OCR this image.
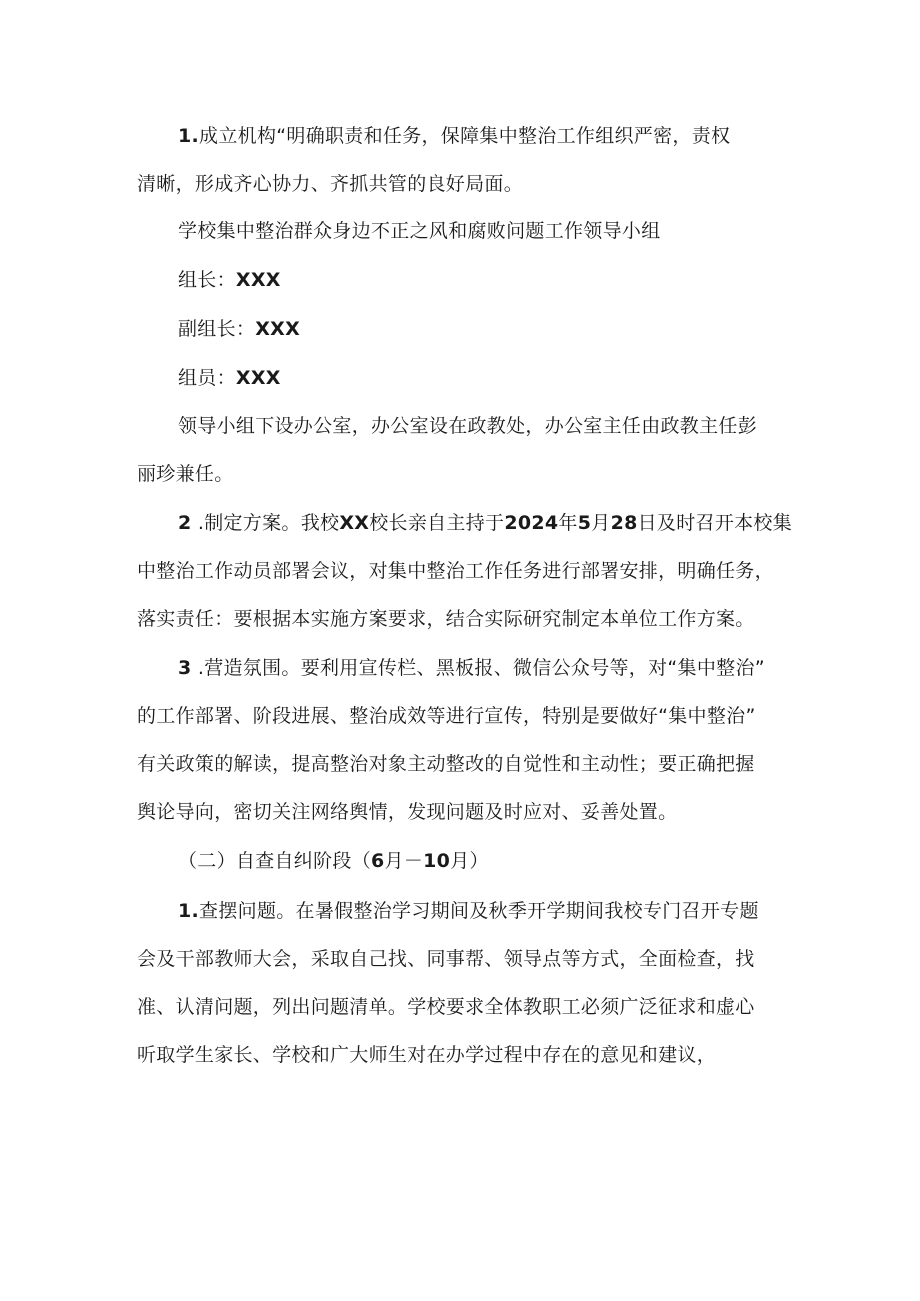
1.成立机构“明确职责和任务，保障集中整治工作组织严密，责权
清晰，形成齐心协力、齐抓共管的良好局面。
学校集中整治群众身边不正之风和腐败问题工作领导小组
组长：XXX
副组长：XXX
组员：XXX
领导小组下设办公室，办公室设在政教处，办公室主任由政教主任彭
丽珍兼任。
2 .制定方案。我校XX校长亲自主持于2024年5月28日及时召开本校集
中整治工作动员部署会议，对集中整治工作任务进行部署安排，明确任务，
落实责任：要根据本实施方案要求，结合实际研究制定本单位工作方案。
3 .营造氛围。要利用宣传栏、黑板报、微信公众号等，对“集中整治”
的工作部署、阶段进展、整治成效等进行宣传，特别是要做好“集中整治”
有关政策的解读，提高整治对象主动整改的自觉性和主动性；要正确把握
舆论导向，密切关注网络舆情，发现问题及时应对、妥善处置。
（二）自查自纠阶段（6月－10月）
1.查摆问题。在暑假整治学习期间及秋季开学期间我校专门召开专题
会及干部教师大会，采取自己找、同事帮、领导点等方式，全面检查，找
准、认清问题，列出问题清单。学校要求全体教职工必须广泛征求和虚心
听取学生家长、学校和广大师生对在办学过程中存在的意见和建议，
